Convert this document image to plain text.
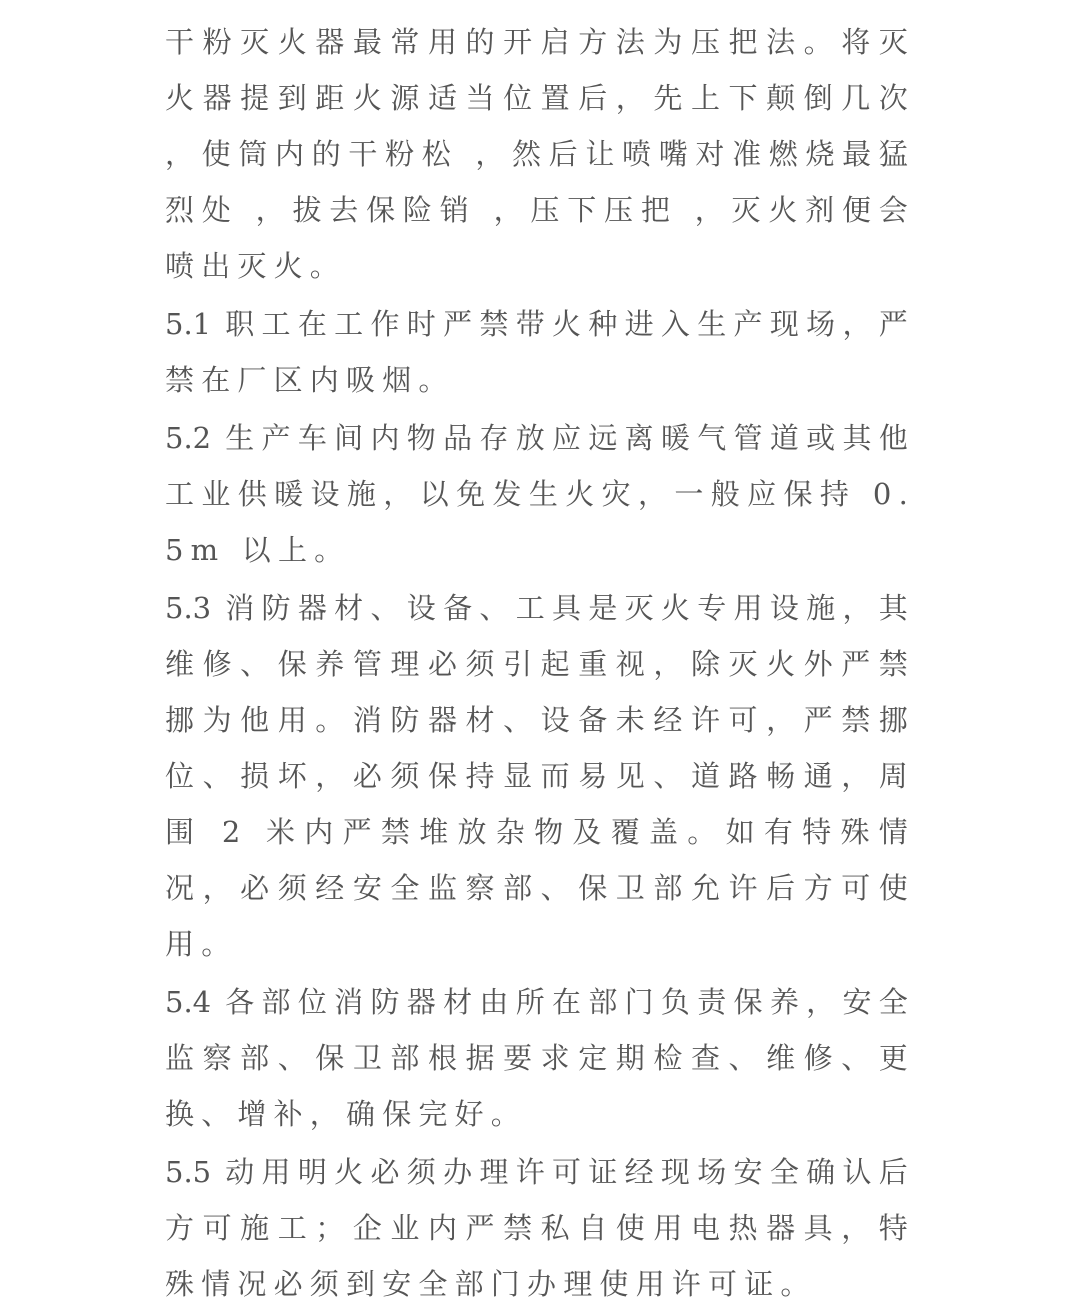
干粉灭火器最常用的开启方法为压把法。将灭火器提到距火源适当位置后，先上下颠倒几次 ，使筒内的干粉松 ，然后让喷嘴对准燃烧最猛烈处 ，拔去保险销 ，压下压把 ，灭火剂便会喷出灭火。

5.1 职工在工作时严禁带火种进入生产现场，严禁在厂区内吸烟。

5.2 生产车间内物品存放应远离暖气管道或其他工业供暖设施，以免发生火灾，一般应保持 0.5m 以上。

5.3 消防器材、设备、工具是灭火专用设施，其维修、保养管理必须引起重视，除灭火外严禁挪为他用。消防器材、设备未经许可，严禁挪位、损坏，必须保持显而易见、道路畅通，周围 2 米内严禁堆放杂物及覆盖。如有特殊情况，必须经安全监察部、保卫部允许后方可使用。

5.4 各部位消防器材由所在部门负责保养，安全监察部、保卫部根据要求定期检查、维修、更换、增补，确保完好。

5.5 动用明火必须办理许可证经现场安全确认后方可施工；企业内严禁私自使用电热器具，特殊情况必须到安全部门办理使用许可证。
